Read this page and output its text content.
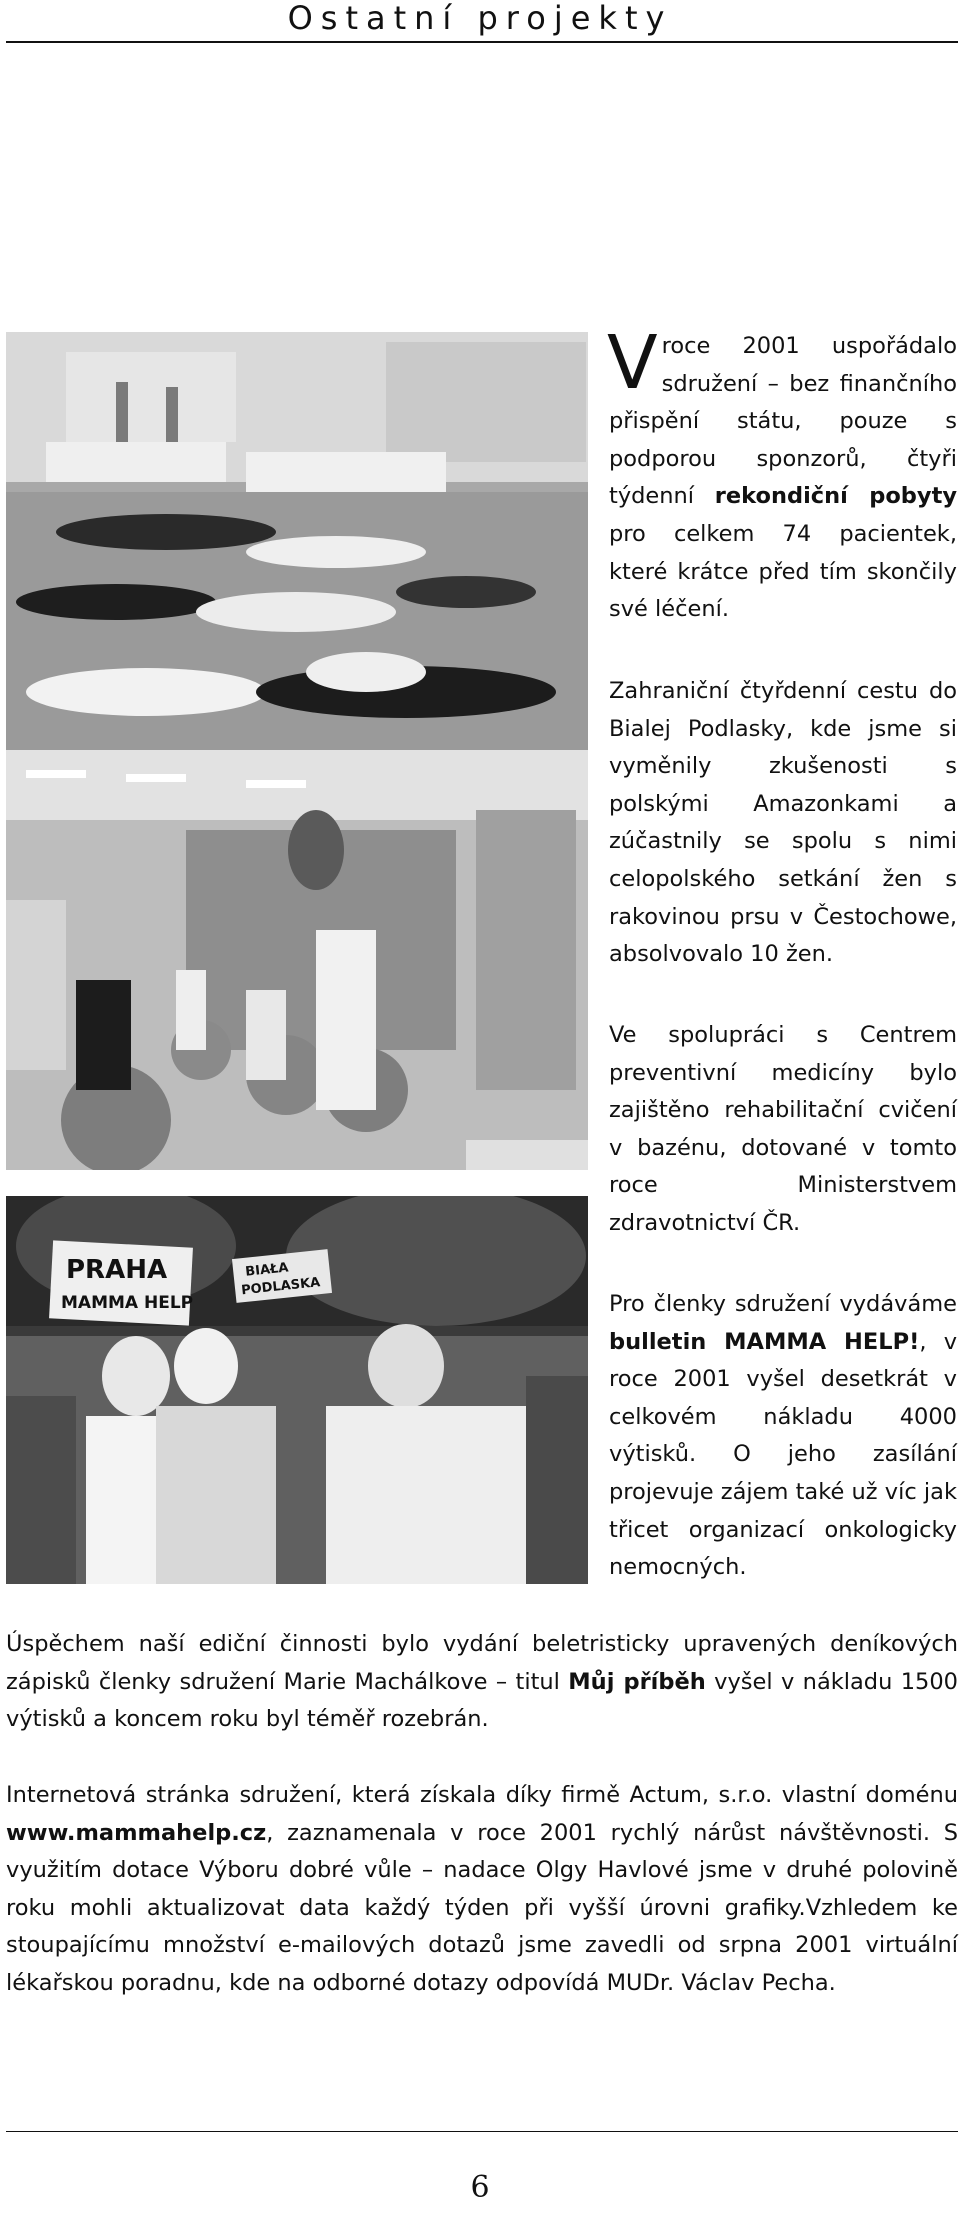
Ostatní projekty
PRAHA
MAMMA HELP
BIAŁA
PODLASKA

Vroce 2001 uspořádalo sdružení – bez finančního přispění státu, pouze s podporou sponzorů, čtyři týdenní rekondiční pobyty pro celkem 74 pacientek, které krátce před tím skončily své léčení.

Zahraniční čtyřdenní cestu do Bialej Podlasky, kde jsme si vyměnily zkušenosti s polskými Amazonkami a zúčastnily se spolu s nimi celopolského setkání žen s rakovinou prsu v Čestochowe, absolvovalo 10 žen.

Ve spolupráci s Centrem preventivní medicíny bylo zajištěno rehabilitační cvičení v bazénu, dotované v tomto roce Ministerstvem zdravotnictví ČR.

Pro členky sdružení vydáváme bulletin MAMMA HELP!, v roce 2001 vyšel desetkrát v celkovém nákladu 4000 výtisků. O jeho zasílání projevuje zájem také už víc jak třicet organizací onkologicky nemocných.

Úspěchem naší ediční činnosti bylo vydání beletristicky upravených deníkových zápisků členky sdružení Marie Machálkove – titul Můj příběh vyšel v nákladu 1500 výtisků a koncem roku byl téměř rozebrán.

Internetová stránka sdružení, která získala díky firmě Actum, s.r.o. vlastní doménu www.mammahelp.cz, zaznamenala v roce 2001 rychlý nárůst návštěvnosti. S využitím dotace Výboru dobré vůle – nadace Olgy Havlové jsme v druhé polovině roku mohli aktualizovat data každý týden při vyšší úrovni grafiky.Vzhledem ke stoupajícímu množství e-mailových dotazů jsme zavedli od srpna 2001 virtuální lékařskou poradnu, kde na odborné dotazy odpovídá MUDr. Václav Pecha.

6
